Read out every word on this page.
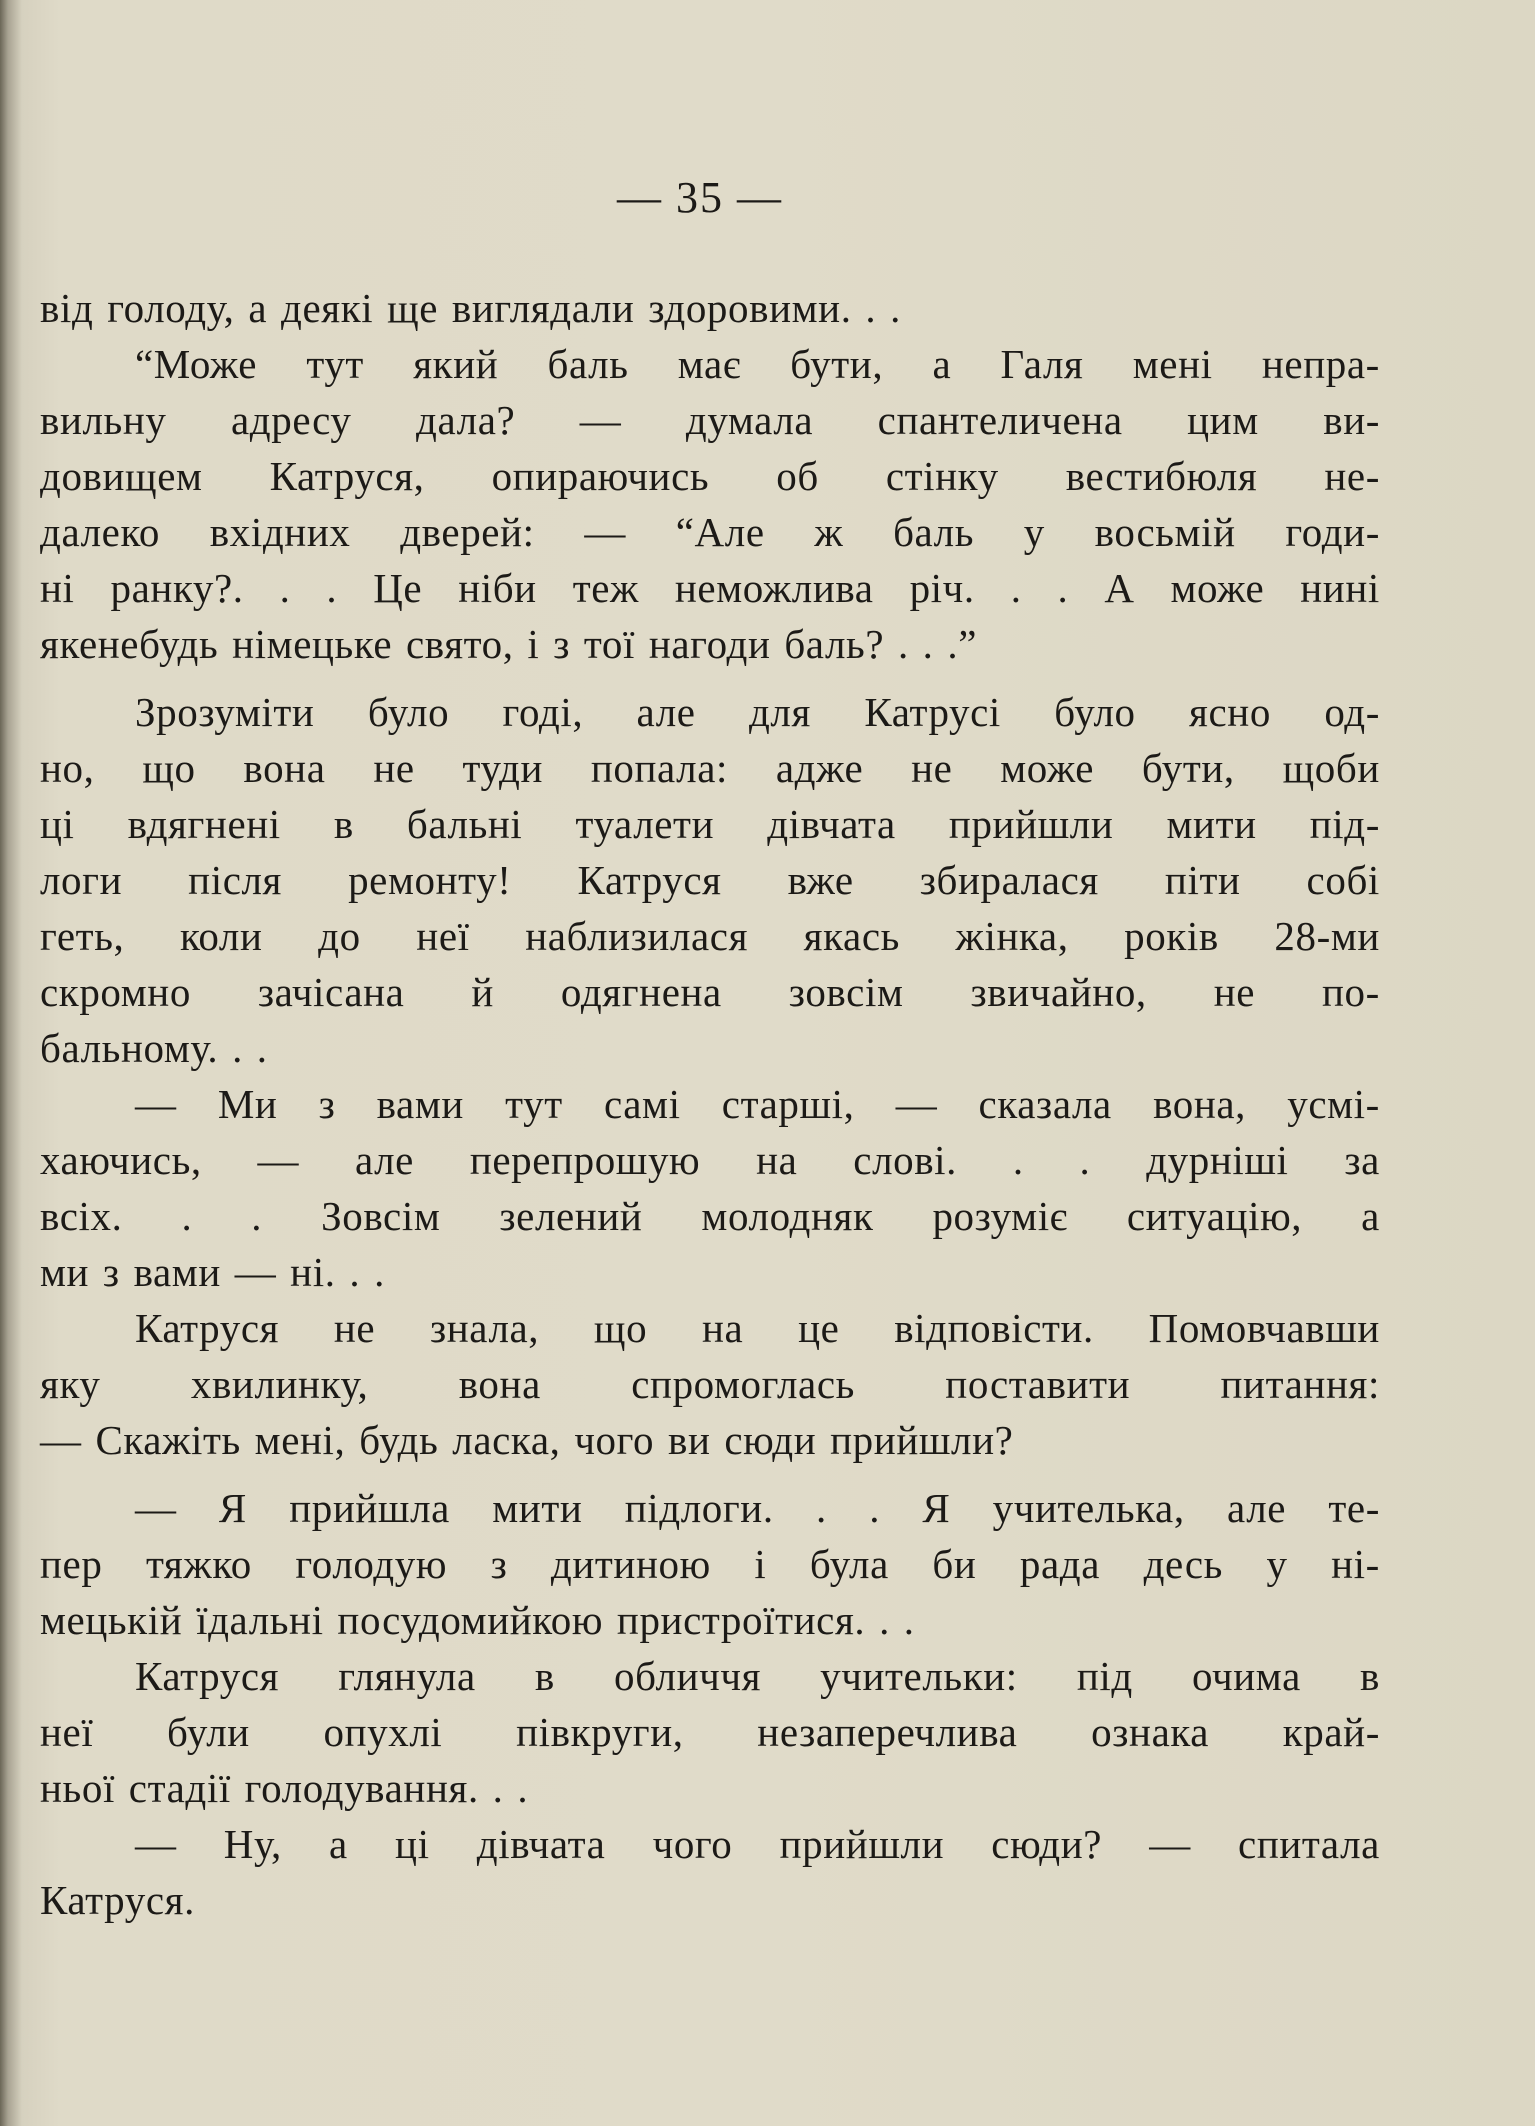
— 35 —
від голоду, а деякі ще виглядали здоровими. . .
“Може тут який баль має бути, а Галя мені непра-
вильну адресу дала? — думала спантеличена цим ви-
довищем Катруся, опираючись об стінку вестибюля не-
далеко вхідних дверей: — “Але ж баль у восьмій годи-
ні ранку?. . . Це ніби теж неможлива річ. . . А може нині
якенебудь німецьке свято, і з тої нагоди баль? . . .”
Зрозуміти було годі, але для Катрусі було ясно од-
но, що вона не туди попала: адже не може бути, щоби
ці вдягнені в бальні туалети дівчата прийшли мити під-
логи після ремонту! Катруся вже збиралася піти собі
геть, коли до неї наблизилася якась жінка, років 28-ми
скромно зачісана й одягнена зовсім звичайно, не по-
бальному. . .
— Ми з вами тут самі старші, — сказала вона, усмі-
хаючись, — але перепрошую на слові. . . дурніші за
всіх. . . Зовсім зелений молодняк розуміє ситуацію, а
ми з вами — ні. . .
Катруся не знала, що на це відповісти. Помовчавши
яку хвилинку, вона спромоглась поставити питання:
— Скажіть мені, будь ласка, чого ви сюди прийшли?
— Я прийшла мити підлоги. . . Я учителька, але те-
пер тяжко голодую з дитиною і була би рада десь у ні-
мецькій їдальні посудомийкою пристроїтися. . .
Катруся глянула в обличчя учительки: під очима в
неї були опухлі півкруги, незаперечлива ознака край-
ньої стадії голодування. . .
— Ну, а ці дівчата чого прийшли сюди? — спитала
Катруся.
